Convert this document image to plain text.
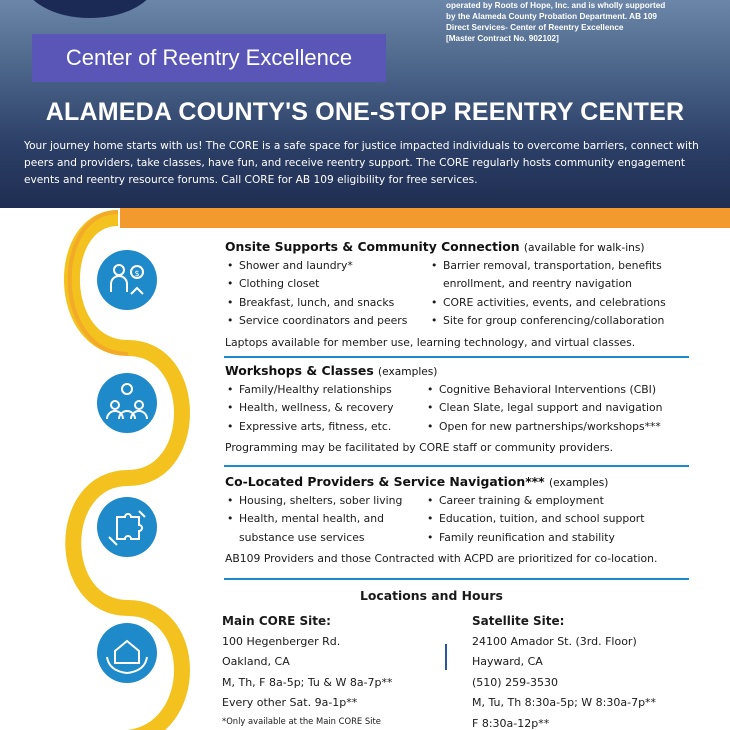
Center of Reentry Excellence
operated by Roots of Hope, Inc. and is wholly supported
by the Alameda County Probation Department. AB 109
Direct Services- Center of Reentry Excellence
[Master Contract No. 902102]
ALAMEDA COUNTY'S ONE-STOP REENTRY CENTER
Your journey home starts with us! The CORE is a safe space for justice impacted individuals to overcome barriers, connect with peers and providers, take classes, have fun, and receive reentry support. The CORE regularly hosts community engagement events and reentry resource forums. Call CORE for AB 109 eligibility for free services.
$
Onsite Supports & Community Connection (available for walk-ins)
• Shower and laundry*
• Clothing closet
• Breakfast, lunch, and snacks
• Service coordinators and peers
• Barrier removal, transportation, benefits
enrollment, and reentry navigation
• CORE activities, events, and celebrations
• Site for group conferencing/collaboration
Laptops available for member use, learning technology, and virtual classes.
Workshops & Classes (examples)
• Family/Healthy relationships
• Health, wellness, & recovery
• Expressive arts, fitness, etc.
• Cognitive Behavioral Interventions (CBI)
• Clean Slate, legal support and navigation
• Open for new partnerships/workshops***
Programming may be facilitated by CORE staff or community providers.
Co-Located Providers & Service Navigation*** (examples)
• Housing, shelters, sober living
• Health, mental health, and
substance use services
• Career training & employment
• Education, tuition, and school support
• Family reunification and stability
AB109 Providers and those Contracted with ACPD are prioritized for co-location.
Locations and Hours
Main CORE Site:
100 Hegenberger Rd.
Oakland, CA
M, Th, F 8a-5p; Tu & W 8a-7p**
Every other Sat. 9a-1p**
*Only available at the Main CORE Site
Satellite Site:
24100 Amador St. (3rd. Floor)
Hayward, CA
(510) 259-3530
M, Tu, Th 8:30a-5p; W 8:30a-7p**
F 8:30a-12p**
